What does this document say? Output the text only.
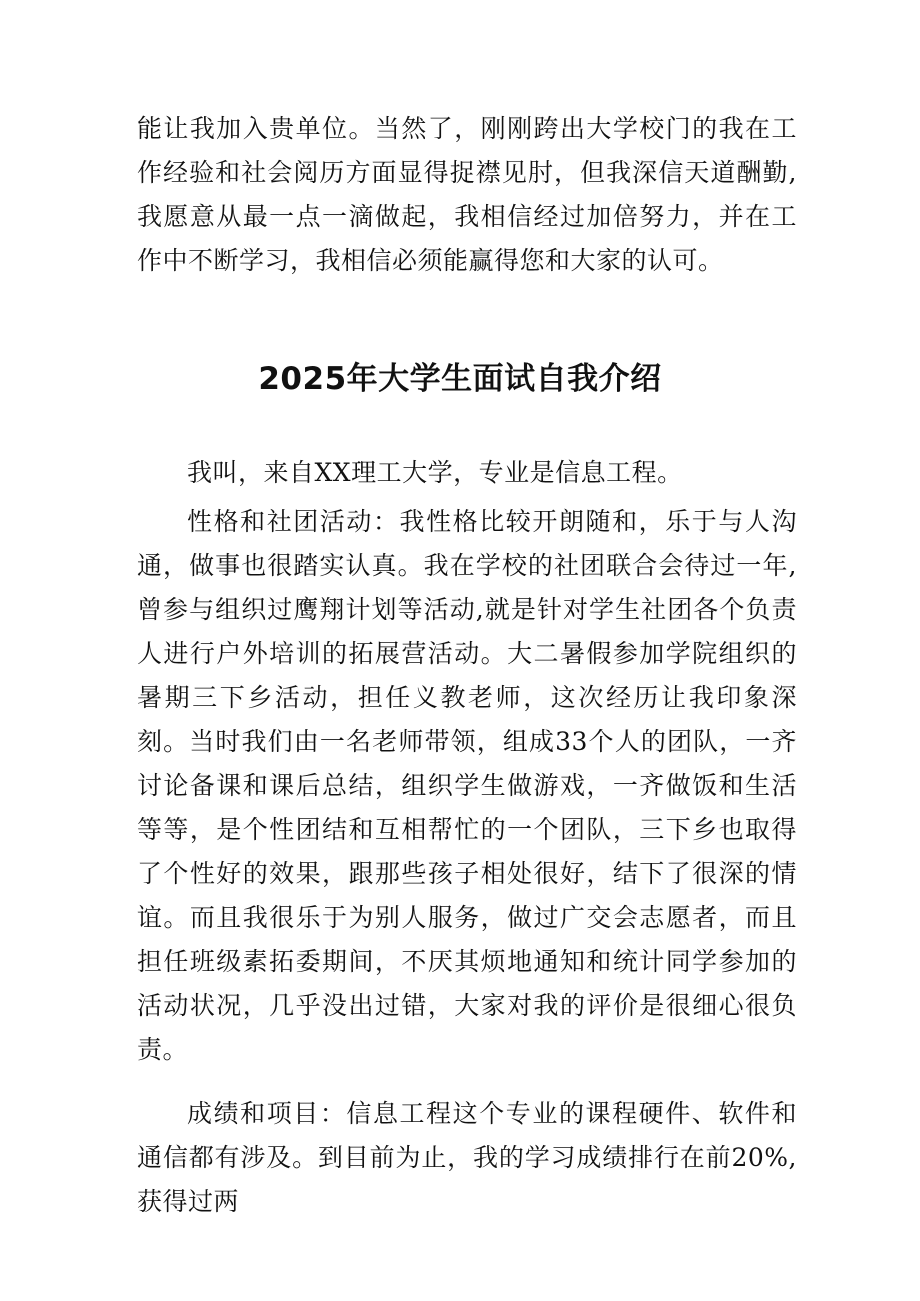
能让我加入贵单位。当然了，刚刚跨出大学校门的我在工作经验和社会阅历方面显得捉襟见肘，但我深信天道酬勤,我愿意从最一点一滴做起，我相信经过加倍努力，并在工作中不断学习，我相信必须能赢得您和大家的认可。

2025年大学生面试自我介绍

我叫，来自XX理工大学，专业是信息工程。

性格和社团活动：我性格比较开朗随和，乐于与人沟通，做事也很踏实认真。我在学校的社团联合会待过一年,曾参与组织过鹰翔计划等活动,就是针对学生社团各个负责人进行户外培训的拓展营活动。大二暑假参加学院组织的暑期三下乡活动，担任义教老师，这次经历让我印象深刻。当时我们由一名老师带领，组成33个人的团队，一齐讨论备课和课后总结，组织学生做游戏，一齐做饭和生活等等，是个性团结和互相帮忙的一个团队，三下乡也取得了个性好的效果，跟那些孩子相处很好，结下了很深的情谊。而且我很乐于为别人服务，做过广交会志愿者，而且担任班级素拓委期间，不厌其烦地通知和统计同学参加的活动状况，几乎没出过错，大家对我的评价是很细心很负责。

成绩和项目：信息工程这个专业的课程硬件、软件和通信都有涉及。到目前为止，我的学习成绩排行在前20%,获得过两
